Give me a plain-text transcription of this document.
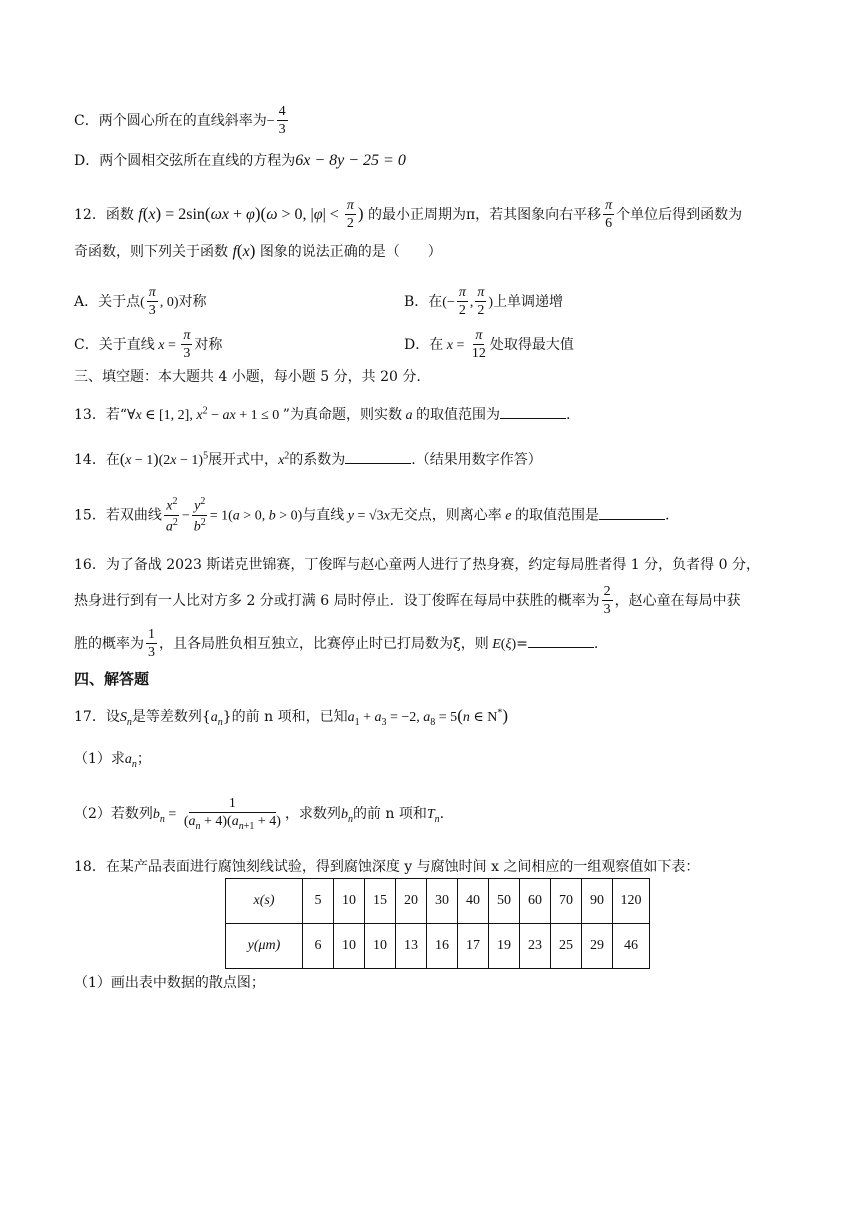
C．两个圆心所在的直线斜率为− $\frac{4}{3}$
D．两个圆相交弦所在直线的方程为6x − 8y − 25 = 0
12．函数 f(x) = 2sin(ωx + φ)(ω > 0, $|\varphi| < \frac{\pi}{2}$ ) 的最小正周期为π，若其图象向右平移 $\frac{\pi}{6}$ 个单位后得到函数为
奇函数，则下列关于函数 f(x) 图象的说法正确的是（　　）
A．关于点( $\frac{\pi}{3}$ , 0)对称	B．在(− $\frac{\pi}{2}$ , $\frac{\pi}{2}$ )上单调递增
C．关于直线 $x = \frac{\pi}{3}$ 对称	D．在 $x = \frac{\pi}{12}$ 处取得最大值
三、填空题：本大题共 4 小题，每小题 5 分，共 20 分.
13．若“∀x ∈ [1, 2], $x^2$ − ax + 1 ≤ 0 ”为真命题，则实数 a 的取值范围为	.
14．在$(x - 1)(2x - 1)^5$展开式中，$x^2$的系数为	.（结果用数字作答）
15．若双曲线 $\frac{x^2}{a^2} - \frac{y^2}{b^2} = 1(a > 0$, b > 0)与直线 y = √3x无交点，则离心率 e 的取值范围是	.
16．为了备战 2023 斯诺克世锦赛，丁俊晖与赵心童两人进行了热身赛，约定每局胜者得 1 分，负者得 0 分，
热身进行到有一人比对方多 2 分或打满 6 局时停止．设丁俊晖在每局中获胜的概率为 $\frac{2}{3}$ ，赵心童在每局中获
胜的概率为 $\frac{1}{3}$ ，且各局胜负相互独立，比赛停止时已打局数为ξ，则 E(ξ)=	.
四、解答题
17．设$S_n$是等差数列$\{a_n\}$的前 n 项和，已知$a_1 + a_3 = -2$, $a_8 = 5(n$ ∈ N*)
（1）求$a_n$；
（2）若数列$b_n = \frac{1}{(a_n + 4)(a_{n+1} + 4)}$ ，求数列$b_n$的前 n 项和$T_n$.
18．在某产品表面进行腐蚀刻线试验，得到腐蚀深度 y 与腐蚀时间 x 之间相应的一组观察值如下表：
x(s)	5	10	15	20	30	40	50	60	70	90	120
y(μm)	6	10	10	13	16	17	19	23	25	29	46
（1）画出表中数据的散点图；
